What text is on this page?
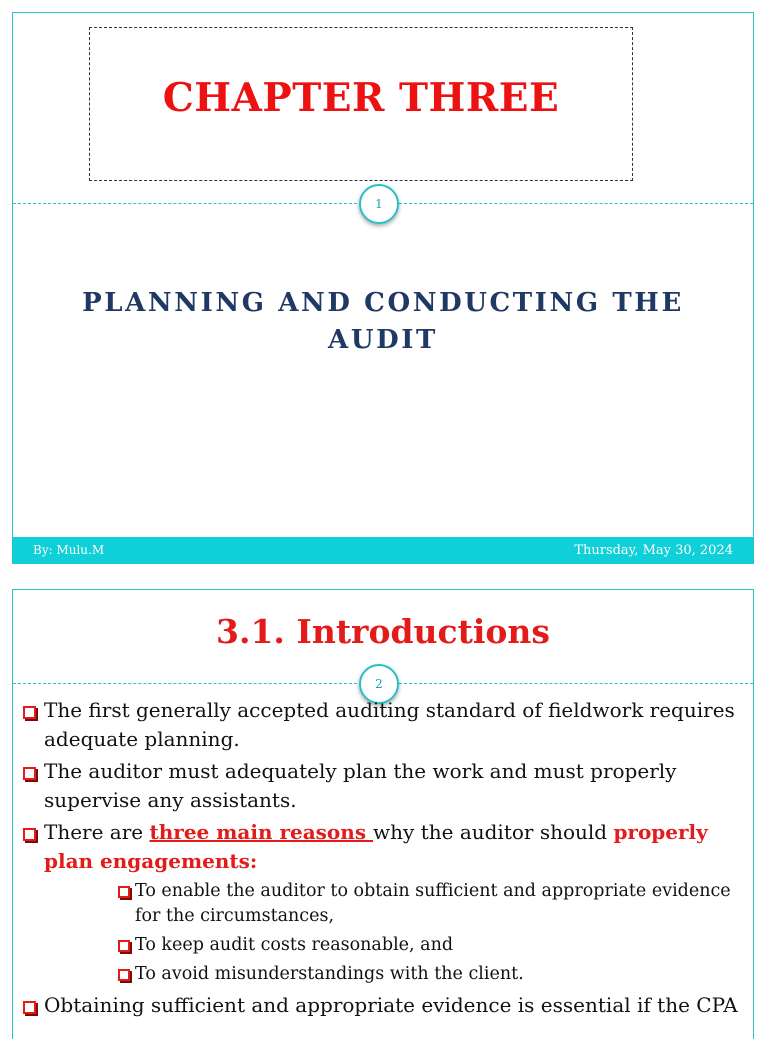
CHAPTER THREE
1
PLANNING AND CONDUCTING THE AUDIT
By: Mulu.M	Thursday, May 30, 2024
3.1. Introductions
2
The first generally accepted auditing standard of fieldwork requires adequate planning.
The auditor must adequately plan the work and must properly supervise any assistants.
There are three main reasons why the auditor should properly plan engagements:
To enable the auditor to obtain sufficient and appropriate evidence for the circumstances,
To keep audit costs reasonable, and
To avoid misunderstandings with the client.
Obtaining sufficient and appropriate evidence is essential if the CPA
